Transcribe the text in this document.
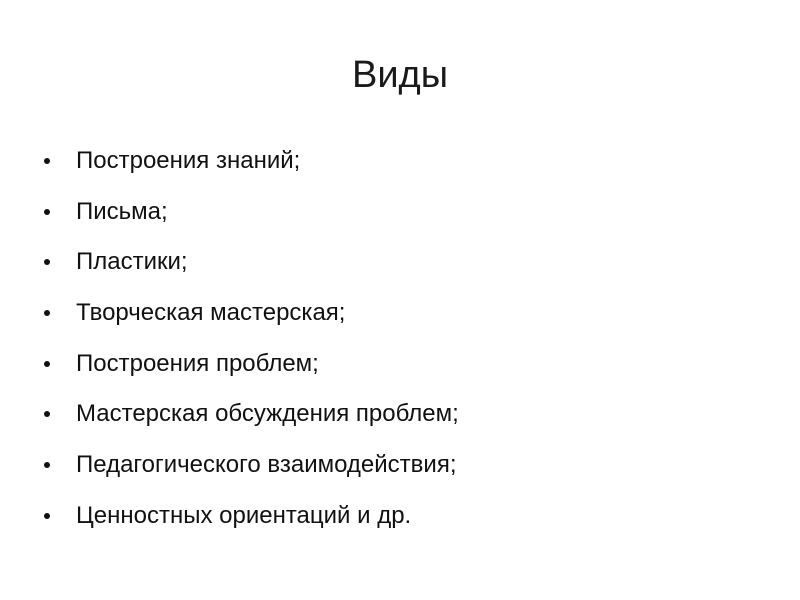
Виды
Построения знаний;
Письма;
Пластики;
Творческая мастерская;
Построения проблем;
Мастерская обсуждения проблем;
Педагогического взаимодействия;
Ценностных ориентаций и др.
